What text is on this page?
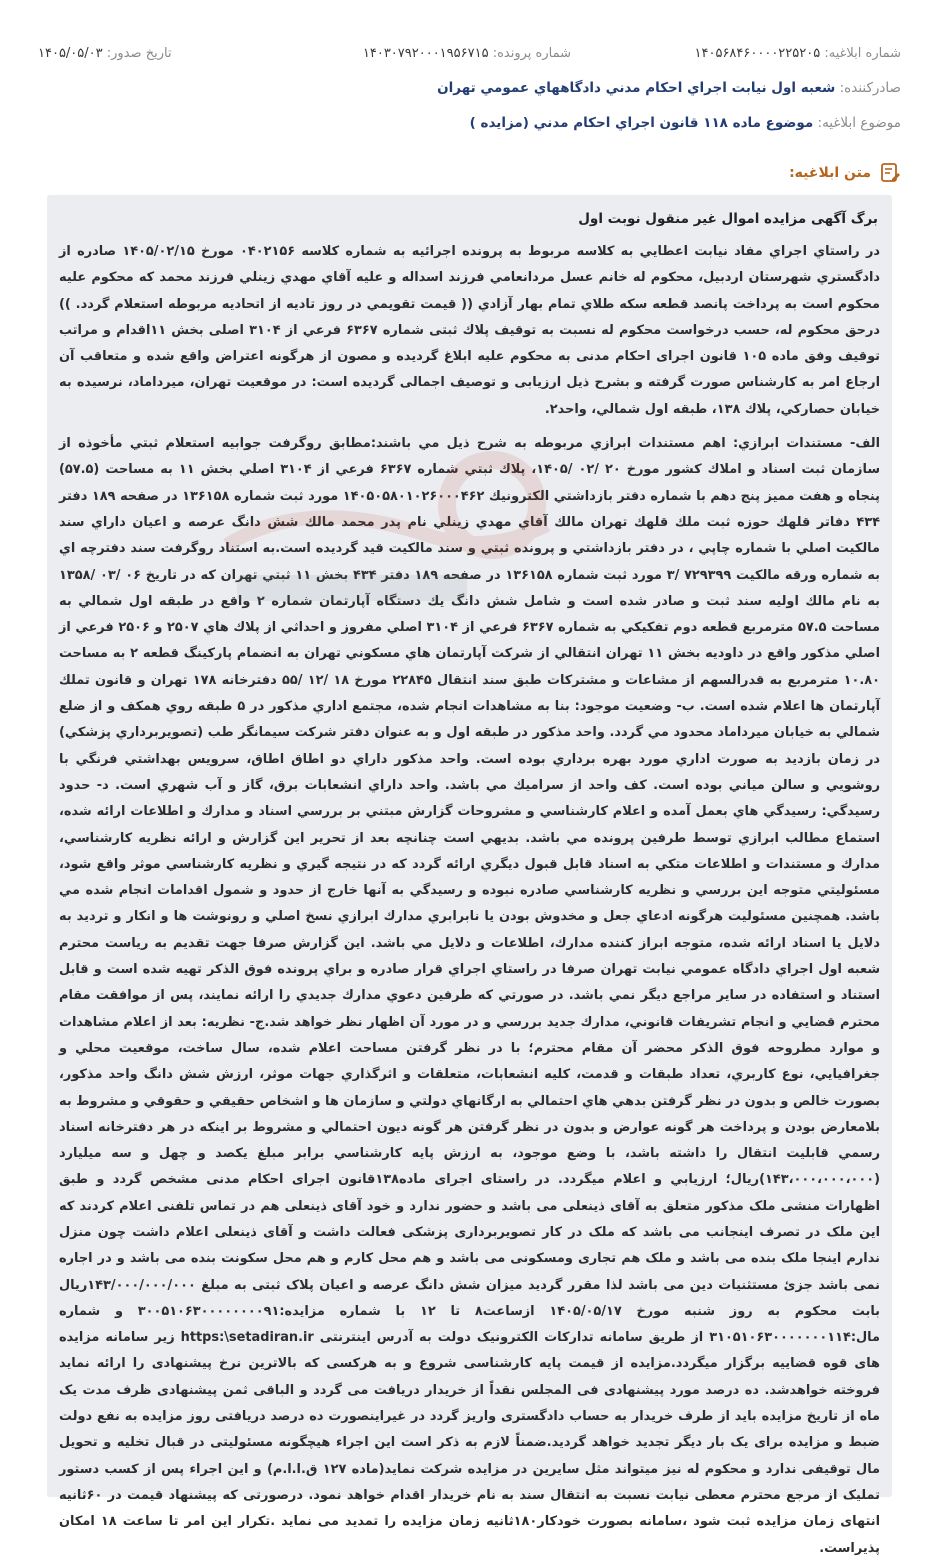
شماره ابلاغيه: ۱۴۰۵۶۸۴۶۰۰۰۰۲۲۵۲۰۵
شماره پرونده: ۱۴۰۳۰۷۹۲۰۰۰۱۹۵۶۷۱۵
تاريخ صدور: ۱۴۰۵/۰۵/۰۳
صادرکننده: شعبه اول نيابت اجراي احکام مدني دادگاههاي عمومي تهران
موضوع ابلاغيه: موضوع ماده ۱۱۸ قانون اجراي احکام مدني (مزايده )
متن ابلاغيه:
برگ آگهی مزایده اموال غیر منقول نوبت اول

در راستاي اجراي مفاد نيابت اعطايي به کلاسه مربوط به پرونده اجرائيه به شماره کلاسه ۰۴۰۲۱۵۶ مورخ ۱۴۰۵/۰۲/۱۵ صادره از دادگستري شهرستان اردبيل، محکوم له خانم عسل مردانعامي فرزند اسداله و عليه آقاي مهدي زينلي فرزند محمد که محکوم عليه محکوم است به پرداخت پانصد قطعه سکه طلاي تمام بهار آزادي (( قيمت تقويمي در روز تاديه از اتحاديه مربوطه استعلام گردد. )) درحق محکوم له، حسب درخواست محکوم له نسبت به توقيف پلاك ثبتی شماره ۶۳۶۷ فرعي از ۳۱۰۴ اصلی بخش ۱۱اقدام و مراتب توقيف وفق ماده ۱۰۵ قانون اجرای احکام مدنی به محکوم عليه ابلاغ گرديده و مصون از هرگونه اعتراض واقع شده و متعاقب آن ارجاع امر به کارشناس صورت گرفته و بشرح ذيل ارزيابی و توصيف اجمالی گرديده است: در موقعيت تهران، ميرداماد، نرسيده به خيابان حصاركي، پلاك ۱۳۸، طبقه اول شمالي، واحد۲.

الف- مستندات ابرازي: اهم مستندات ابرازي مربوطه به شرح ذيل مي باشند:مطابق روگرفت جوابيه استعلام ثبتي مأخوذه از سازمان ثبت اسناد و املاك كشور مورخ ۲۰ /۰۲ /۱۴۰۵، پلاك ثبتي شماره ۶۳۶۷ فرعي از ۳۱۰۴ اصلي بخش ۱۱ به مساحت (۵۷.۵) پنجاه و هفت مميز پنج دهم با شماره دفتر بازداشتي الكترونيك ۱۴۰۵۰۵۸۰۱۰۲۶۰۰۰۴۶۲ مورد ثبت شماره ۱۳۶۱۵۸ در صفحه ۱۸۹ دفتر ۴۳۴ دفاتر قلهك حوزه ثبت ملك قلهك تهران مالك آقاي مهدي زينلي نام پدر محمد مالك شش دانگ عرصه و اعيان داراي سند مالكيت اصلي با شماره چاپي ، در دفتر بازداشتي و پرونده ثبتي و سند مالكيت قيد گرديده است.به استناد روگرفت سند دفترچه اي به شماره ورقه مالكيت ۷۲۹۳۹۹ /۳ مورد ثبت شماره ۱۳۶۱۵۸ در صفحه ۱۸۹ دفتر ۴۳۴ بخش ۱۱ ثبتي تهران كه در تاريخ ۰۶ /۰۳ /۱۳۵۸ به نام مالك اوليه سند ثبت و صادر شده است و شامل شش دانگ يك دستگاه آپارتمان شماره ۲ واقع در طبقه اول شمالي به مساحت ۵۷.۵ مترمربع قطعه دوم تفكيكي به شماره ۶۳۶۷ فرعي از ۳۱۰۴ اصلي مفروز و احداثي از پلاك هاي ۲۵۰۷ و ۲۵۰۶ فرعي از اصلي مذكور واقع در داوديه بخش ۱۱ تهران انتقالي از شركت آپارتمان هاي مسكوني تهران به انضمام پاركينگ قطعه ۲ به مساحت ۱۰.۸۰ مترمربع به قدرالسهم از مشاعات و مشتركات طبق سند انتقال ۲۲۸۴۵ مورخ ۱۸ /۱۲ /۵۵ دفترخانه ۱۷۸ تهران و قانون تملك آپارتمان ها اعلام شده است. ب- وضعيت موجود: بنا به مشاهدات انجام شده، مجتمع اداري مذكور در ۵ طبقه روي همكف و از ضلع شمالي به خيابان ميرداماد محدود مي گردد. واحد مذكور در طبقه اول و به عنوان دفتر شركت سيمانگر طب (تصويربرداري پزشكي) در زمان بازديد به صورت اداري مورد بهره برداري بوده است. واحد مذكور داراي دو اطاق اطاق، سرويس بهداشتي فرنگي با روشويي و سالن مياني بوده است. كف واحد از سراميك مي باشد. واحد داراي انشعابات برق، گاز و آب شهري است. د- حدود رسيدگي: رسيدگي هاي بعمل آمده و اعلام كارشناسي و مشروحات گزارش مبتني بر بررسي اسناد و مدارك و اطلاعات ارائه شده، استماع مطالب ابرازي توسط طرفين پرونده مي باشد. بديهي است چنانچه بعد از تحرير اين گزارش و ارائه نظريه كارشناسي، مدارك و مستندات و اطلاعات متكي به اسناد قابل قبول ديگري ارائه گردد كه در نتيجه گيري و نظريه كارشناسي موثر واقع شود، مسئوليتي متوجه اين بررسي و نظريه كارشناسي صادره نبوده و رسيدگي به آنها خارج از حدود و شمول اقدامات انجام شده مي باشد. همچنين مسئوليت هرگونه ادعاي جعل و مخدوش بودن يا نابرابري مدارك ابرازي نسخ اصلي و رونوشت ها و انكار و ترديد به دلايل يا اسناد ارائه شده، متوجه ابراز كننده مدارك، اطلاعات و دلايل مي باشد. اين گزارش صرفا جهت تقديم به رياست محترم شعبه اول اجراي دادگاه عمومي نيابت تهران صرفا در راستاي اجراي قرار صادره و براي پرونده فوق الذكر تهيه شده است و قابل استناد و استفاده در ساير مراجع ديگر نمي باشد. در صورتي كه طرفين دعوي مدارك جديدي را ارائه نمايند، پس از موافقت مقام محترم قضايي و انجام تشريفات قانوني، مدارك جديد بررسي و در مورد آن اظهار نظر خواهد شد.ج- نظريه: بعد از اعلام مشاهدات و موارد مطروحه فوق الذكر محضر آن مقام محترم؛ با در نظر گرفتن مساحت اعلام شده، سال ساخت، موقعيت محلي و جغرافيايي، نوع كاربري، تعداد طبقات و قدمت، كليه انشعابات، متعلقات و اثرگذاري جهات موثر، ارزش شش دانگ واحد مذكور، بصورت خالص و بدون در نظر گرفتن بدهي هاي احتمالي به ارگانهاي دولتي و سازمان ها و اشخاص حقيقي و حقوقي و مشروط به بلامعارض بودن و پرداخت هر گونه عوارض و بدون در نظر گرفتن هر گونه ديون احتمالي و مشروط بر اينكه در هر دفترخانه اسناد رسمي قابليت انتقال را داشته باشد، با وضع موجود، به ارزش پايه كارشناسي برابر مبلغ يكصد و چهل و سه ميليارد (۱۴۳،۰۰۰،۰۰۰،۰۰۰)ريال؛ ارزيابي و اعلام ميگردد. در راستای اجرای ماده۱۳۸قانون اجرای احکام مدنی مشخص گردد و طبق اظهارات منشی ملک مذکور متعلق به آقای ذينعلی می باشد و حضور ندارد و خود آقای ذينعلی هم در تماس تلفنی اعلام کردند که اين ملک در تصرف اينجانب می باشد که ملک در کار تصويربرداری پزشکی فعالت داشت و آقای ذينعلی اعلام داشت چون منزل ندارم اينجا ملک بنده می باشد و ملک هم تجاری ومسکونی می باشد و هم محل کارم و هم محل سکونت بنده می باشد و در اجاره نمی باشد جزئ مستثنيات دين می باشد لذا مقرر گرديد ميزان شش دانگ عرصه و اعيان پلاک ثبتی به مبلغ ۱۴۳/۰۰۰/۰۰۰/۰۰۰ريال بابت محکوم به روز شنبه مورخ ۱۴۰۵/۰۵/۱۷ ازساعت۸ تا ۱۲ با شماره مزايده:۳۰۰۵۱۰۶۳۰۰۰۰۰۰۰۰۹۱ و شماره مال:۳۱۰۵۱۰۶۳۰۰۰۰۰۰۰۱۱۴ از طريق سامانه تدارکات الکترونيک دولت به آدرس اينترنتی https:\setadiran.ir زير سامانه مزايده های قوه قضاييه برگزار ميگردد.مزايده از قيمت پايه کارشناسی شروع و به هرکسی که بالاترين نرخ پيشنهادی را ارائه نمايد فروخته خواهدشد. ده درصد مورد پيشنهادی فی المجلس نقداً از خريدار دريافت می گردد و الباقی ثمن پيشنهادی ظرف مدت يک ماه از تاريخ مزايده بايد از طرف خريدار به حساب دادگستری واريز گردد در غيراينصورت ده درصد دريافتی روز مزايده به نفع دولت ضبط و مزايده برای يک بار ديگر تجديد خواهد گرديد.ضمناً لازم به ذکر است اين اجراء هيچگونه مسئوليتی در قبال تخليه و تحويل مال توقيفی ندارد و محکوم له نيز ميتواند مثل سايرين در مزايده شرکت نمايد(ماده ۱۲۷ ق.ا.ا.م) و اين اجراء پس از کسب دستور تمليک از مرجع محترم معطی نيابت نسبت به انتقال سند به نام خريدار اقدام خواهد نمود. درصورتی که پيشنهاد قيمت در ۶۰ثانيه انتهای زمان مزايده ثبت شود ،سامانه بصورت خودکار۱۸۰ثانيه زمان مزايده را تمديد می نمايد .تکرار اين امر تا ساعت ۱۸ امکان پذيراست.
